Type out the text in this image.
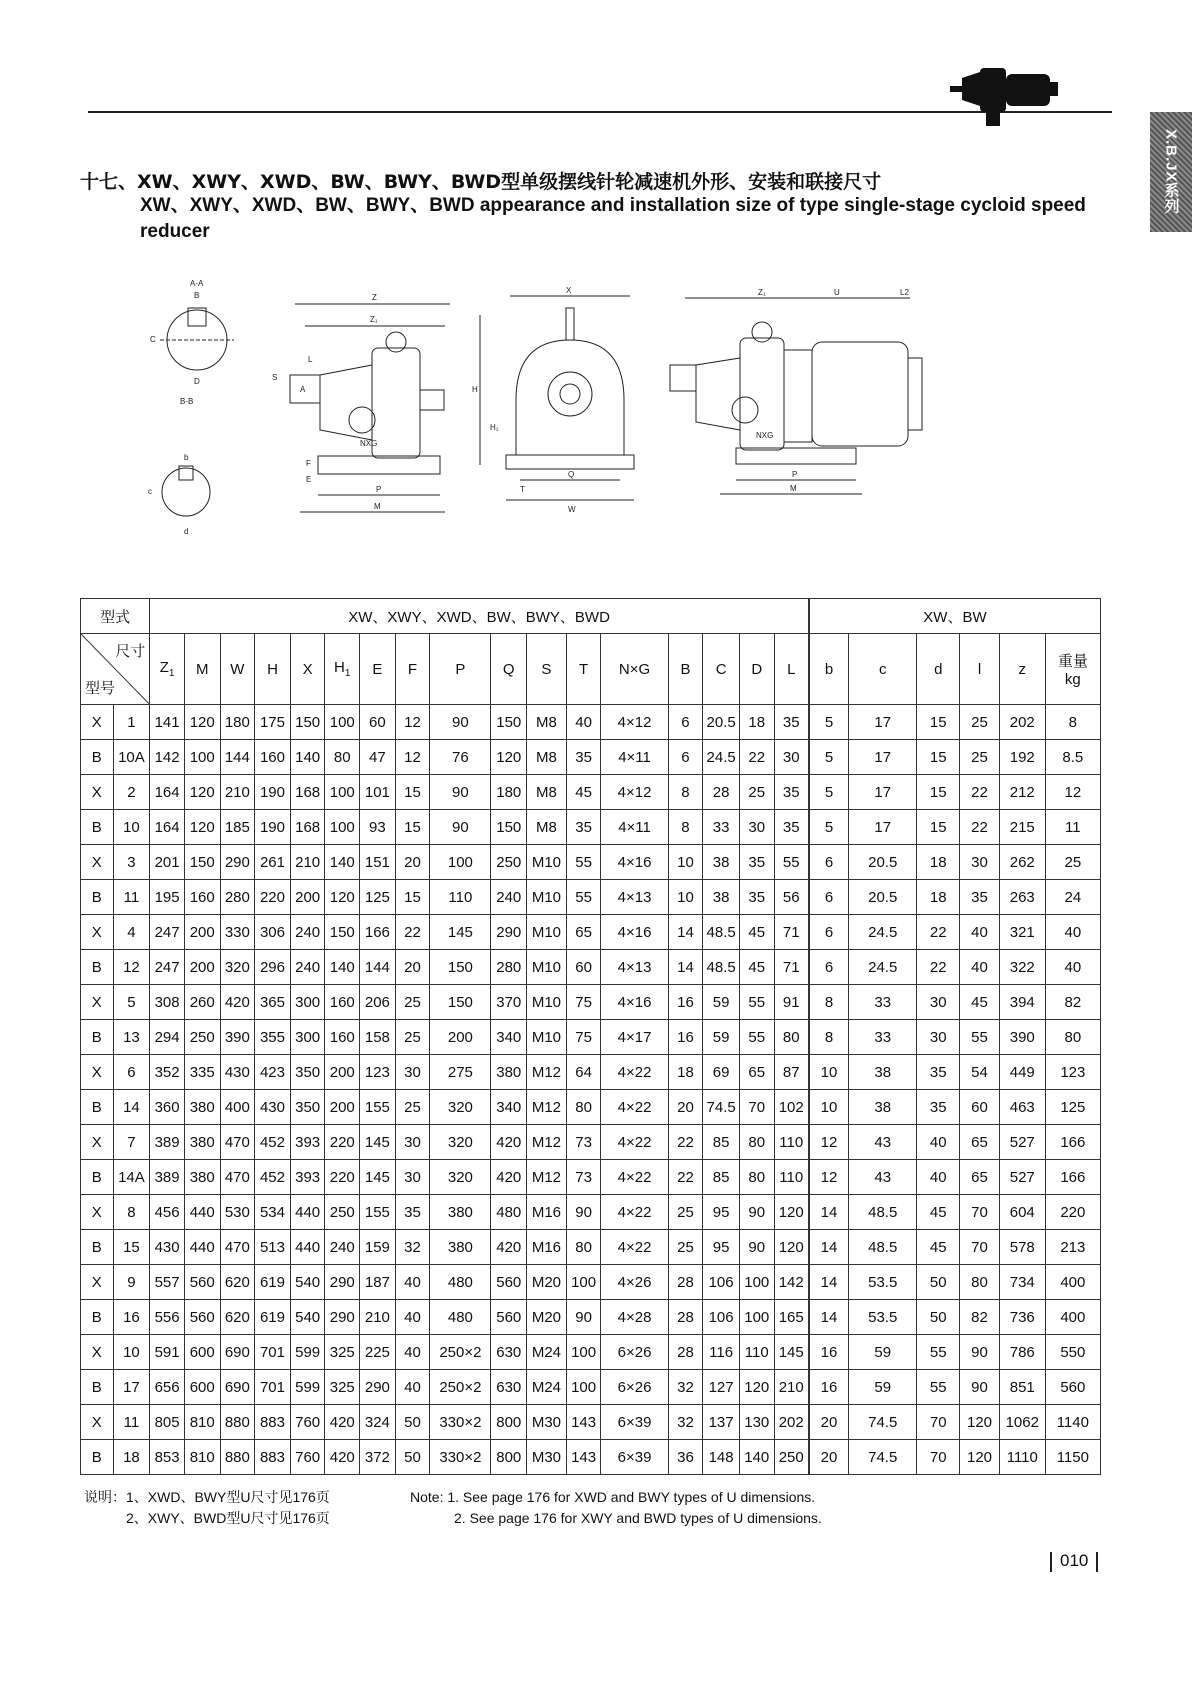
X.B.JX系列
十七、XW、XWY、XWD、BW、BWY、BWD型单级摆线针轮减速机外形、安装和联接尺寸
XW、XWY、XWD、BW、BWY、BWD appearance and installation size of type single-stage cycloid speed reducer
A-A
B
C
D
B-B
b
c
d
Z
Z₁
L
A
S
F
E
P
M
NXG
X
H
H₁
T
Q
W
Z₁	U	L2
P
M
NXG
型式		XW、XWY、XWD、BW、BWY、BWD																	XW、BW					

尺寸
型号		$Z_1$	M	W	H	X	$H_1$	E	F	P	Q	S	T	N×G	B	C	D	L	b	c	d	l	z	重量
kg
X	1	141	120	180	175	150	100	60	12	90	150	M8	40	4×12	6	20.5	18	35	5	17	15	25	202	8
B	10A	142	100	144	160	140	80	47	12	76	120	M8	35	4×11	6	24.5	22	30	5	17	15	25	192	8.5
X	2	164	120	210	190	168	100	101	15	90	180	M8	45	4×12	8	28	25	35	5	17	15	22	212	12
B	10	164	120	185	190	168	100	93	15	90	150	M8	35	4×11	8	33	30	35	5	17	15	22	215	11
X	3	201	150	290	261	210	140	151	20	100	250	M10	55	4×16	10	38	35	55	6	20.5	18	30	262	25
B	11	195	160	280	220	200	120	125	15	110	240	M10	55	4×13	10	38	35	56	6	20.5	18	35	263	24
X	4	247	200	330	306	240	150	166	22	145	290	M10	65	4×16	14	48.5	45	71	6	24.5	22	40	321	40
B	12	247	200	320	296	240	140	144	20	150	280	M10	60	4×13	14	48.5	45	71	6	24.5	22	40	322	40
X	5	308	260	420	365	300	160	206	25	150	370	M10	75	4×16	16	59	55	91	8	33	30	45	394	82
B	13	294	250	390	355	300	160	158	25	200	340	M10	75	4×17	16	59	55	80	8	33	30	55	390	80
X	6	352	335	430	423	350	200	123	30	275	380	M12	64	4×22	18	69	65	87	10	38	35	54	449	123
B	14	360	380	400	430	350	200	155	25	320	340	M12	80	4×22	20	74.5	70	102	10	38	35	60	463	125
X	7	389	380	470	452	393	220	145	30	320	420	M12	73	4×22	22	85	80	110	12	43	40	65	527	166
B	14A	389	380	470	452	393	220	145	30	320	420	M12	73	4×22	22	85	80	110	12	43	40	65	527	166
X	8	456	440	530	534	440	250	155	35	380	480	M16	90	4×22	25	95	90	120	14	48.5	45	70	604	220
B	15	430	440	470	513	440	240	159	32	380	420	M16	80	4×22	25	95	90	120	14	48.5	45	70	578	213
X	9	557	560	620	619	540	290	187	40	480	560	M20	100	4×26	28	106	100	142	14	53.5	50	80	734	400
B	16	556	560	620	619	540	290	210	40	480	560	M20	90	4×28	28	106	100	165	14	53.5	50	82	736	400
X	10	591	600	690	701	599	325	225	40	250×2	630	M24	100	6×26	28	116	110	145	16	59	55	90	786	550
B	17	656	600	690	701	599	325	290	40	250×2	630	M24	100	6×26	32	127	120	210	16	59	55	90	851	560
X	11	805	810	880	883	760	420	324	50	330×2	800	M30	143	6×39	32	137	130	202	20	74.5	70	120	1062	1140
B	18	853	810	880	883	760	420	372	50	330×2	800	M30	143	6×39	36	148	140	250	20	74.5	70	120	1110	1150
说明：1、XWD、BWY型U尺寸见176页
2、XWY、BWD型U尺寸见176页
Note: 1. See page 176 for XWD and BWY types of U dimensions.
2. See page 176 for XWY and BWD types of U dimensions.
010
